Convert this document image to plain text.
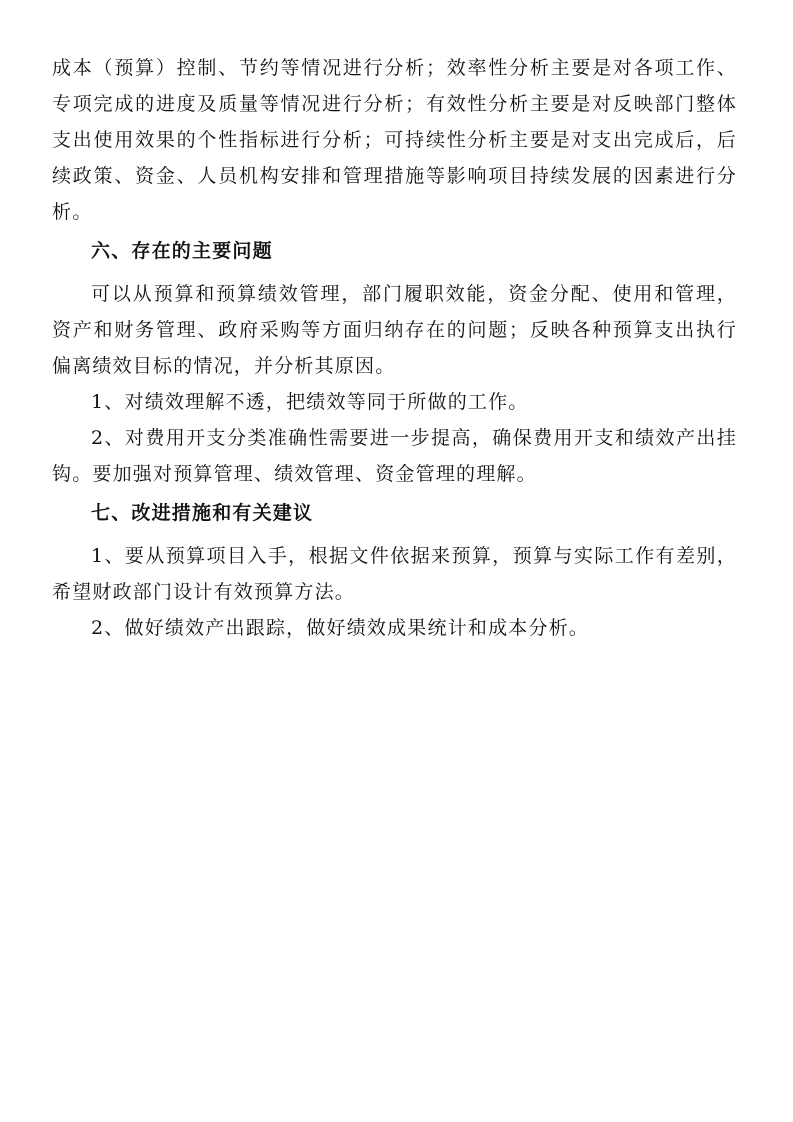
成本（预算）控制、节约等情况进行分析；效率性分析主要是对各项工作、专项完成的进度及质量等情况进行分析；有效性分析主要是对反映部门整体支出使用效果的个性指标进行分析；可持续性分析主要是对支出完成后，后续政策、资金、人员机构安排和管理措施等影响项目持续发展的因素进行分析。

六、存在的主要问题

可以从预算和预算绩效管理，部门履职效能，资金分配、使用和管理，资产和财务管理、政府采购等方面归纳存在的问题；反映各种预算支出执行偏离绩效目标的情况，并分析其原因。

1、对绩效理解不透，把绩效等同于所做的工作。

2、对费用开支分类准确性需要进一步提高，确保费用开支和绩效产出挂钩。要加强对预算管理、绩效管理、资金管理的理解。

七、改进措施和有关建议

1、要从预算项目入手，根据文件依据来预算，预算与实际工作有差别，希望财政部门设计有效预算方法。

2、做好绩效产出跟踪，做好绩效成果统计和成本分析。
